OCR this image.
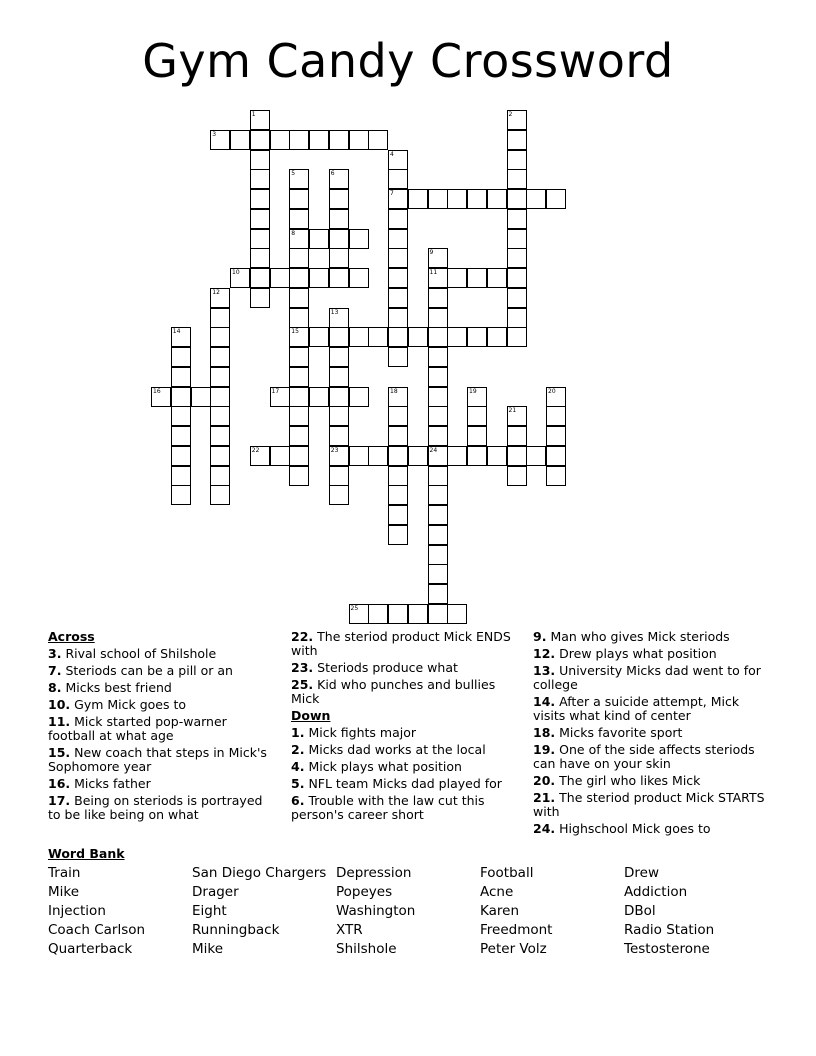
Gym Candy Crossword
3
7
8
10	11
15
16	17
22	23	24
25
1	2
4
5	6
9
12
13
14
18	19	20
21
Across
3. Rival school of Shilshole
7. Steriods can be a pill or an
8. Micks best friend
10. Gym Mick goes to
11. Mick started pop-warner football at what age
15. New coach that steps in Mick's Sophomore year
16. Micks father
17. Being on steriods is portrayed to be like being on what
22. The steriod product Mick ENDS with
23. Steriods produce what
25. Kid who punches and bullies Mick
Down
1. Mick fights major
2. Micks dad works at the local
4. Mick plays what position
5. NFL team Micks dad played for
6. Trouble with the law cut this person's career short
9. Man who gives Mick steriods
12. Drew plays what position
13. University Micks dad went to for college
14. After a suicide attempt, Mick visits what kind of center
18. Micks favorite sport
19. One of the side affects steriods can have on your skin
20. The girl who likes Mick
21. The steriod product Mick STARTS with
24. Highschool Mick goes to
Word Bank
Train
Mike
Injection
Coach Carlson
Quarterback
San Diego Chargers
Drager
Eight
Runningback
Mike
Depression
Popeyes
Washington
XTR
Shilshole
Football
Acne
Karen
Freedmont
Peter Volz
Drew
Addiction
DBol
Radio Station
Testosterone
